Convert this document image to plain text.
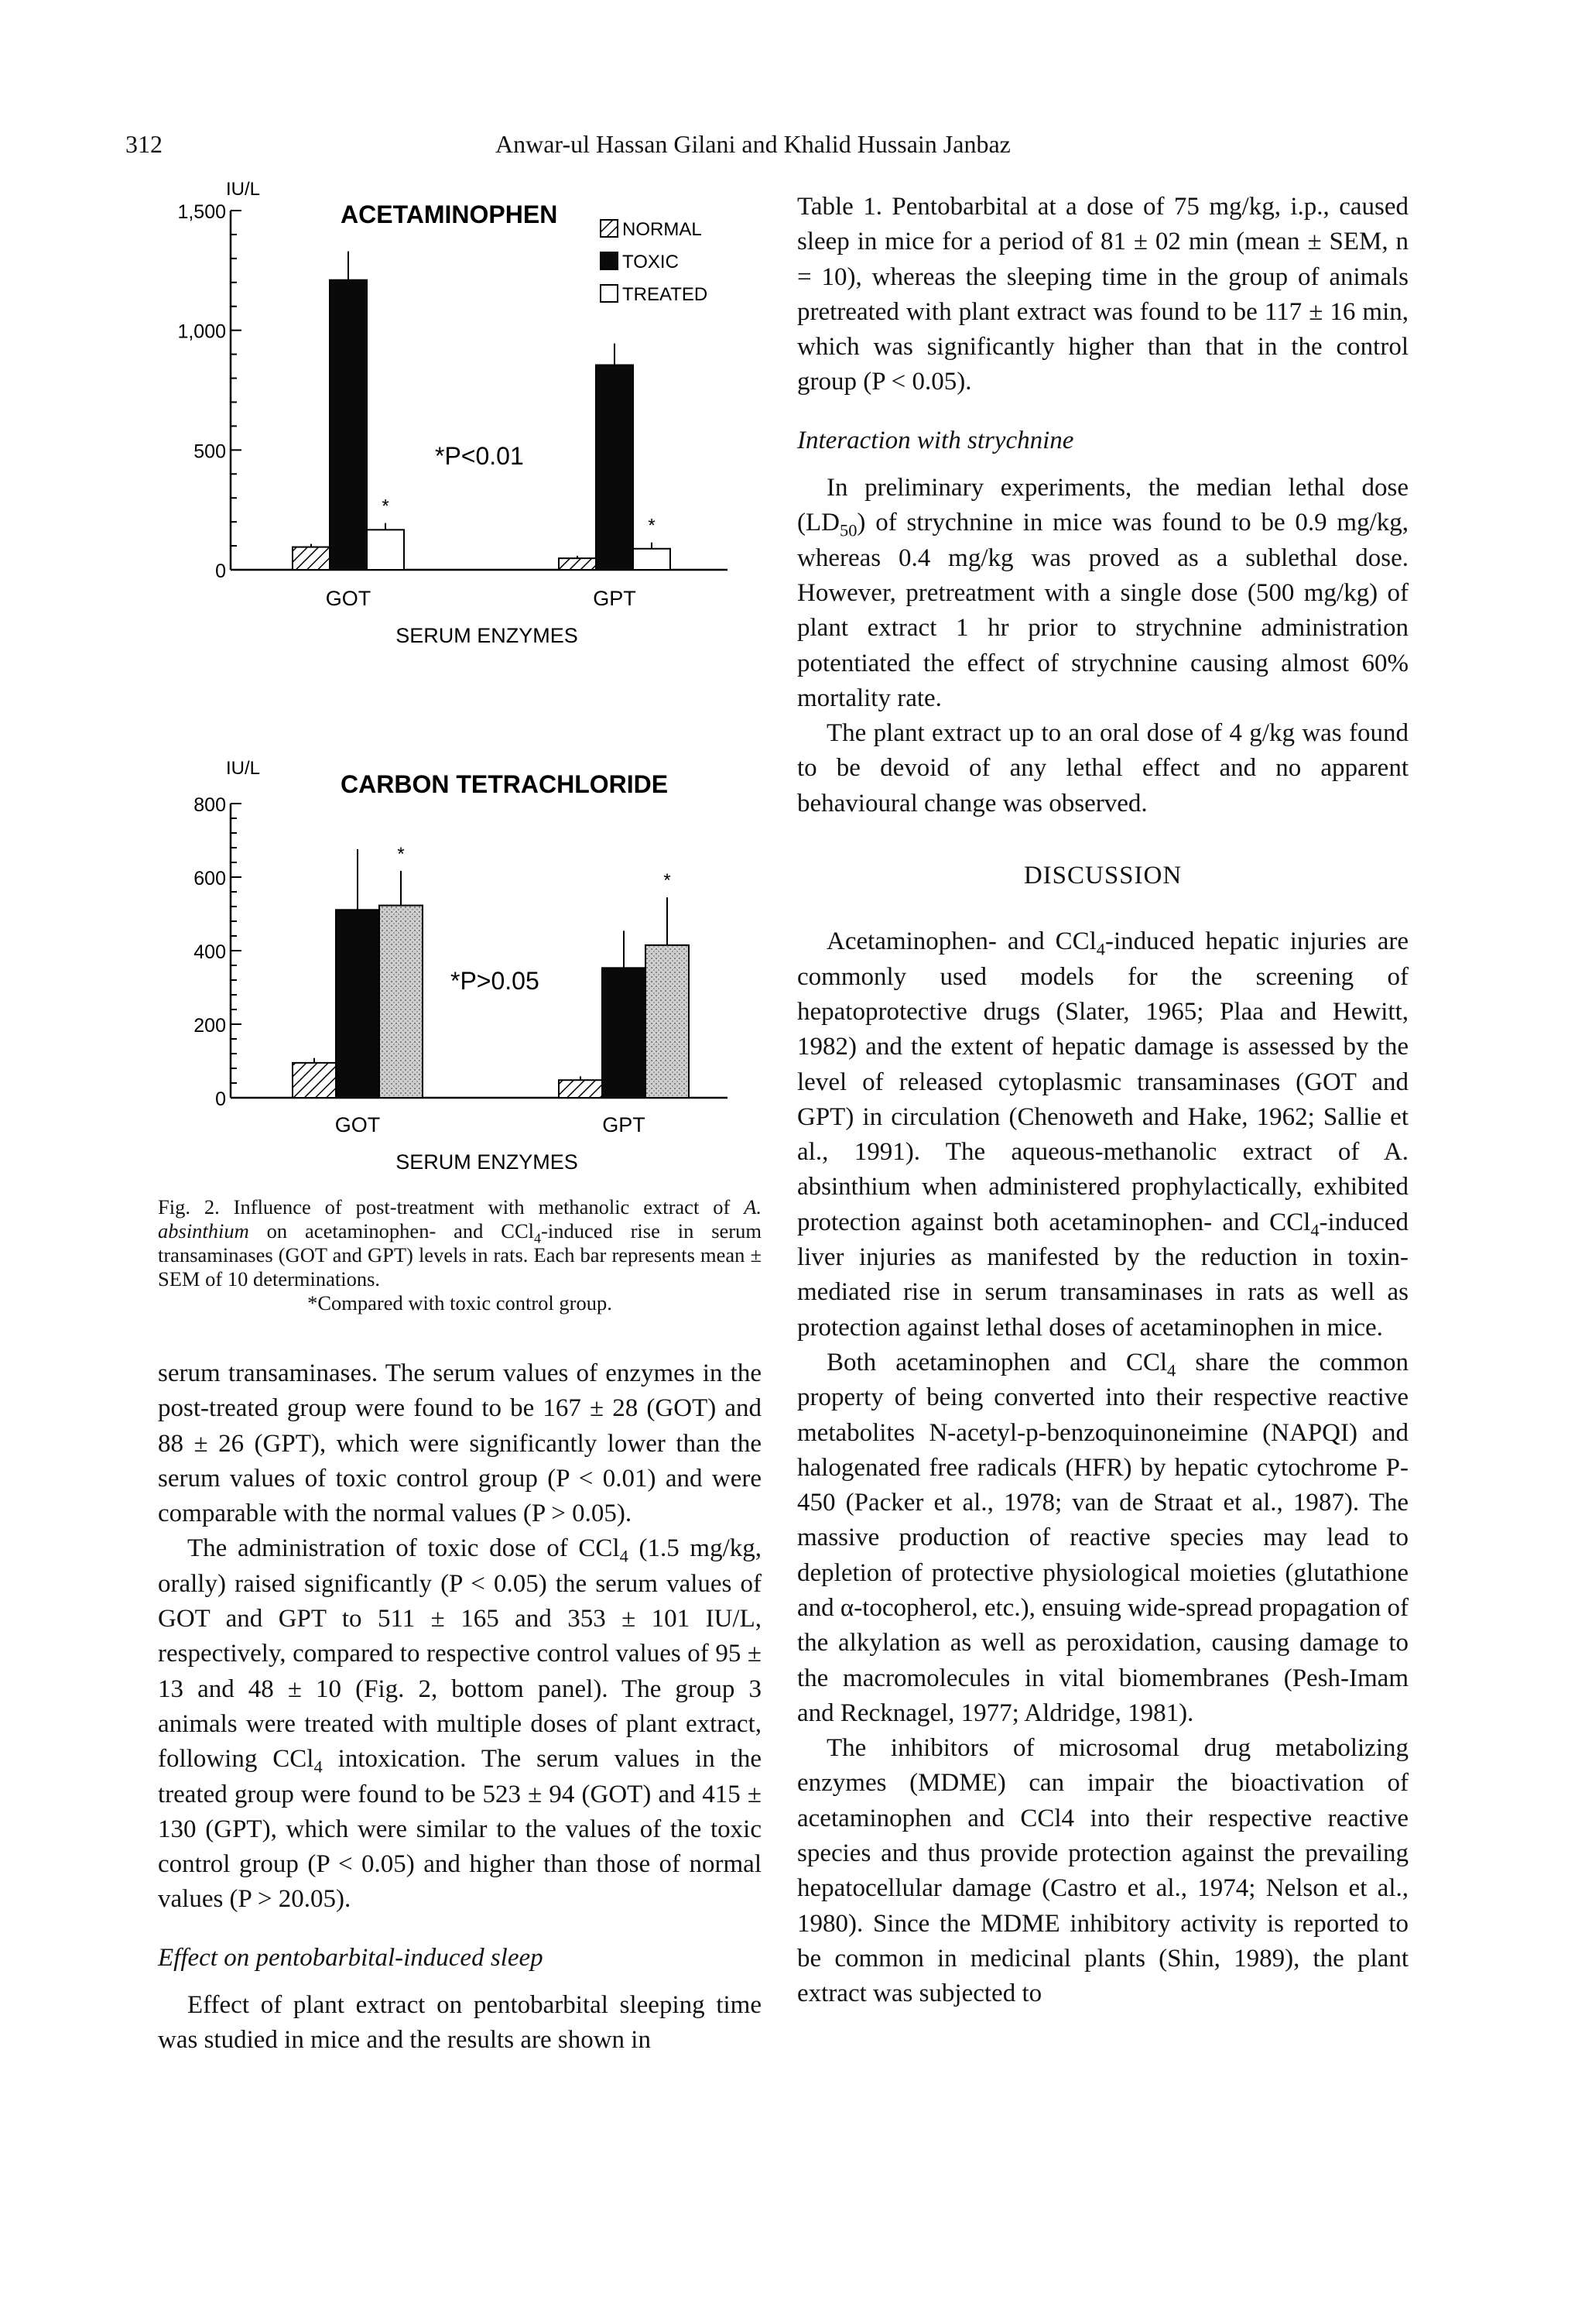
312	Anwar-ul Hassan Gilani and Khalid Hussain Janbaz
0
500
1,000
1,500
IU/L
ACETAMINOPHEN
*
GOT
*
GPT
SERUM ENZYMES
*P<0.01
NORMAL
TOXIC
TREATED
0
200
400
600
800
IU/L
CARBON TETRACHLORIDE
*
GOT
*
GPT
SERUM ENZYMES
*P>0.05

Fig. 2. Influence of post-treatment with methanolic extract of A. absinthium on acetaminophen- and CCl$_4$-induced rise in serum transaminases (GOT and GPT) levels in rats. Each bar represents mean ± SEM of 10 determinations.

*Compared with toxic control group.

serum transaminases. The serum values of enzymes in the post-treated group were found to be 167 ± 28 (GOT) and 88 ± 26 (GPT), which were significantly lower than the serum values of toxic control group (P < 0.01) and were comparable with the normal values (P > 0.05).

The administration of toxic dose of CCl$_4$ (1.5 mg/kg, orally) raised significantly (P < 0.05) the serum values of GOT and GPT to 511 ± 165 and 353 ± 101 IU/L, respectively, compared to respective control values of 95 ± 13 and 48 ± 10 (Fig. 2, bottom panel). The group 3 animals were treated with multiple doses of plant extract, following CCl$_4$ intoxication. The serum values in the treated group were found to be 523 ± 94 (GOT) and 415 ± 130 (GPT), which were similar to the values of the toxic control group (P < 0.05) and higher than those of normal values (P > 20.05).

Effect on pentobarbital-induced sleep

Effect of plant extract on pentobarbital sleeping time was studied in mice and the results are shown in

Table 1. Pentobarbital at a dose of 75 mg/kg, i.p., caused sleep in mice for a period of 81 ± 02 min (mean ± SEM, n = 10), whereas the sleeping time in the group of animals pretreated with plant extract was found to be 117 ± 16 min, which was significantly higher than that in the control group (P < 0.05).

Interaction with strychnine

In preliminary experiments, the median lethal dose $(LD_{50})$ of strychnine in mice was found to be 0.9 mg/kg, whereas 0.4 mg/kg was proved as a sublethal dose. However, pretreatment with a single dose (500 mg/kg) of plant extract 1 hr prior to strychnine administration potentiated the effect of strychnine causing almost 60% mortality rate.

The plant extract up to an oral dose of 4 g/kg was found to be devoid of any lethal effect and no apparent behavioural change was observed.

DISCUSSION

Acetaminophen- and CCl$_4$-induced hepatic injuries are commonly used models for the screening of hepatoprotective drugs (Slater, 1965; Plaa and Hewitt, 1982) and the extent of hepatic damage is assessed by the level of released cytoplasmic transaminases (GOT and GPT) in circulation (Chenoweth and Hake, 1962; Sallie et al., 1991). The aqueous-methanolic extract of A. absinthium when administered prophylactically, exhibited protection against both acetaminophen- and CCl$_4$-induced liver injuries as manifested by the reduction in toxin-mediated rise in serum transaminases in rats as well as protection against lethal doses of acetaminophen in mice.

Both acetaminophen and CCl$_4$ share the common property of being converted into their respective reactive metabolites N-acetyl-p-benzoquinoneimine (NAPQI) and halogenated free radicals (HFR) by hepatic cytochrome P-450 (Packer et al., 1978; van de Straat et al., 1987). The massive production of reactive species may lead to depletion of protective physiological moieties (glutathione and α-tocopherol, etc.), ensuing wide-spread propagation of the alkylation as well as peroxidation, causing damage to the macromolecules in vital biomembranes (Pesh-Imam and Recknagel, 1977; Aldridge, 1981).

The inhibitors of microsomal drug metabolizing enzymes (MDME) can impair the bioactivation of acetaminophen and CCl4 into their respective reactive species and thus provide protection against the prevailing hepatocellular damage (Castro et al., 1974; Nelson et al., 1980). Since the MDME inhibitory activity is reported to be common in medicinal plants (Shin, 1989), the plant extract was subjected to
